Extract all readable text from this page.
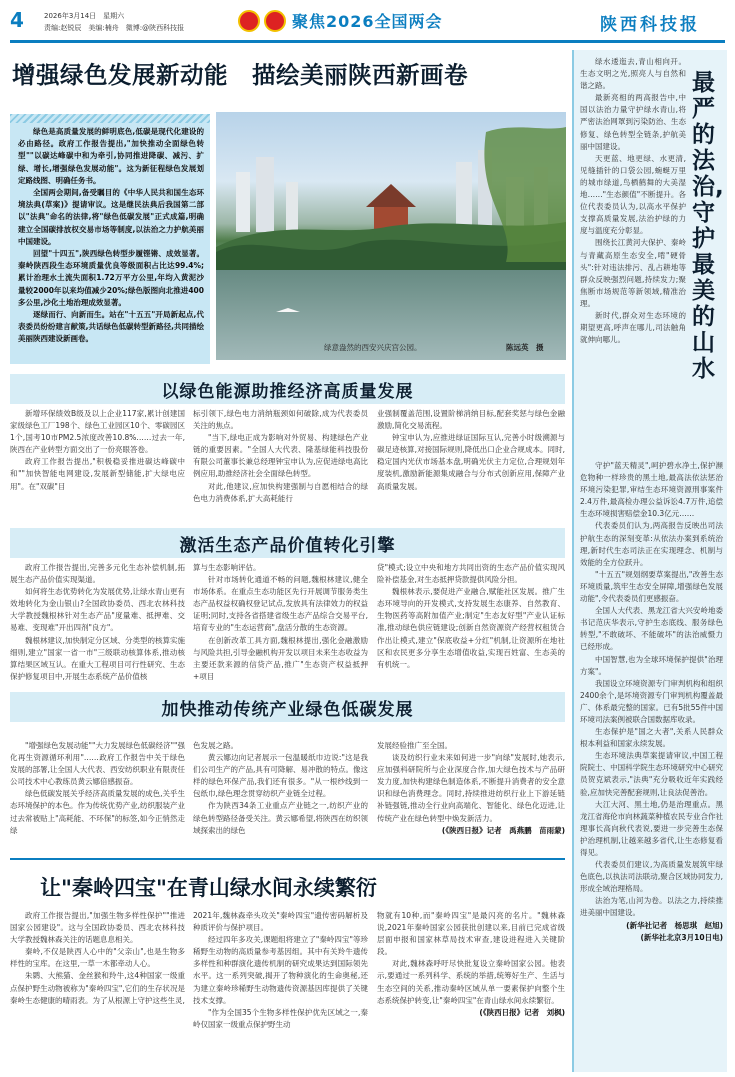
4	2026年3月14日　星期六
责编:赵锐辰　美编:楠舟　微博:@陕西科技报	聚焦2026全国两会	陕西科技报
增强绿色发展新动能　描绘美丽陕西新画卷

绿色是高质量发展的鲜明底色,低碳是现代化建设的必由路径。政府工作报告提出,"加快推动全面绿色转型""以碳达峰碳中和为牵引,协同推进降碳、减污、扩绿、增长,增强绿色发展动能"。这为新征程绿色发展划定路线图、明确任务书。

全国两会期间,备受瞩目的《中华人民共和国生态环境法典(草案)》提请审议。这是继民法典后我国第二部以"法典"命名的法律,将"绿色低碳发展"正式成篇,明确建立全国碳排放权交易市场等制度,以法治之力护航美丽中国建设。

回望"十四五",陕西绿色转型步履铿锵、成效显著。秦岭陕西段生态环境质量优良等级面积占比达99.4%;累计治理水土流失面积1.72万平方公里,年均入黄泥沙量较2000年以来均值减少20%;绿色版图向北推进400多公里,沙化土地治理成效显著。

逐绿而行、向新而生。站在"十五五"开局新起点,代表委员纷纷建言献策,共话绿色低碳转型新路径,共同描绘美丽陕西建设新画卷。

绿意盎然的西安兴庆宫公园。	陈远英　摄
以绿色能源助推经济高质量发展

新增环保绩效B级及以上企业117家,累计创建国家级绿色工厂198个、绿色工业园区10个、零碳园区1个,国考10市PM2.5浓度改善10.8%……过去一年,陕西在产业转型方面交出了一份亮眼答卷。

政府工作报告提出,"积极稳妥推进碳达峰碳中和""加快智能电网建设,发展新型储能,扩大绿电应用"。在"双碳"目

标引领下,绿色电力消纳瓶颈如何破除,成为代表委员关注的焦点。

"当下,绿电正成为影响对外贸易、构建绿色产业链的重要因素。"全国人大代表、隆基绿能科技股份有限公司董事长兼总经理钟宝申认为,应促进绿电高比例应用,助推经济社会全面绿色转型。

对此,他建议,应加快构建强制与自愿相结合的绿色电力消费体系,扩大高耗能行

业强制覆盖范围,设置阶梯消纳目标,配套奖惩与绿色金融激励,简化交易流程。

钟宝申认为,应推进绿证国际互认,完善小时级溯源与碳足迹核算,对接国际规则,降低出口企业合规成本。同时,稳定国内光伏市场基本盘,明确光伏主力定位,合理规划年度装机,激励新能源集成融合与分布式创新应用,保障产业高质量发展。

激活生态产品价值转化引擎

政府工作报告提出,完善多元化生态补偿机制,拓展生态产品价值实现渠道。

如何将生态优势转化为发展优势,让绿水青山更有效地转化为金山银山?全国政协委员、西北农林科技大学教授魏根林针对生态产品"度量难、抵押难、交易难、变现难"开出四剂"良方"。

魏根林建议,加快制定分区域、分类型的核算实施细则,建立"国家一省一市"三级联动核算体系,推动核算结果区域互认。在重大工程项目可行性研究、生态保护修复项目中,开展生态系统产品价值核

算与生态影响评估。

针对市场转化通道不畅的问题,魏根林建议,健全市场体系。在重点生态功能区先行开展调节服务类生态产品权益权确权登记试点,发放具有法律效力的权益证明;同时,支持各省搭建省级生态产品综合交易平台,培育专业的"生态运营商",盘活分散的生态资源。

在创新改革工具方面,魏根林提出,强化金融激励与风险共担,引导金融机构开发以项目未来生态收益为主要还款来源的信贷产品,推广"生态资产权益抵押+项目

贷"模式;设立中央和地方共同出资的生态产品价值实现风险补偿基金,对生态抵押贷款提供风险分担。

魏根林表示,要促进产业融合,赋能社区发展。推广生态环境导向的开发模式,支持发展生态康养、自然教育、生物医药等高附加值产业;制定"生态友好型"产业认证标准,推动绿色供应链建设;创新自然资源资产经营权租赁合作出让模式,建立"保底收益+分红"机制,让资源所在地社区和农民更多分享生态增值收益,实现百姓富、生态美的有机统一。

加快推动传统产业绿色低碳发展

"增强绿色发展动能""大力发展绿色低碳经济""强化再生资源循环利用"……政府工作报告中关于绿色发展的部署,让全国人大代表、西安纺织职业有限责任公司技术中心教练员黄云娜倍感振奋。

绿色低碳发展关乎经济高质量发展的成色,关乎生态环境保护的本色。作为传统优势产业,纺织服装产业过去常被贴上"高耗能、不环保"的标签,如今正悄然走绿

色发展之路。

黄云娜边向记者展示一包温暖纸巾边说:"这是我们公司生产的产品,具有可降解、易冲散的特点。像这样的绿色环保产品,我们还有很多。"从一根纱线到一包纸巾,绿色理念贯穿纺织产业链全过程。

作为陕西34条工业重点产业链之一,纺织产业的绿色转型路径备受关注。黄云娜希望,将陕西在纺织领域探索出的绿色

发展经验推广至全国。

谈及纺织行业未来如何进一步"向绿"发展时,她表示,应加强科研院所与企业深度合作,加大绿色技术与产品研发力度,加快构建绿色制造体系,不断提升消费者的安全意识和绿色消费理念。同时,持续推进纺织行业上下游延链补链强链,推动全行业向高端化、智能化、绿色化迈进,让传统产业在绿色转型中焕发新活力。

(《陕西日报》记者　禹燕鹏　苗雨蒙)

让"秦岭四宝"在青山绿水间永续繁衍

政府工作报告提出,"加强生物多样性保护""推进国家公园建设"。这与全国政协委员、西北农林科技大学教授魏林森关注的话题息息相关。

秦岭,不仅是陕西人心中的"父亲山",也是生物多样性的宝库。在这里,一草一木都牵动人心。

朱鹮、大熊猫、金丝猴和羚牛,这4种国家一级重点保护野生动物被称为"秦岭四宝",它们的生存状况是秦岭生态健康的晴雨表。为了从根源上守护这些生灵,

2021年,魏林森牵头攻关"秦岭四宝"遗传密码解析及种质评价与保护项目。

经过四年多攻关,课题组将建立了"秦岭四宝"等珍稀野生动物的高质量参考基因组。其中有关羚牛遗传多样性和种群演化遗传机制的研究成果达到国际领先水平。这一系列突破,揭开了物种演化的生命奥秘,还为建立秦岭珍稀野生动物遗传资源基因库提供了关键技术支撑。

"作为全国35个生物多样性保护优先区域之一,秦岭仅国家一级重点保护野生动

物就有10种,而"秦岭四宝"是最闪亮的名片。"魏林森说,2021年秦岭国家公园获批创建以来,目前已完成省级层面申报和国家林草局技术审查,建设进程进入关键阶段。

对此,魏林森呼吁尽快批复设立秦岭国家公园。他表示,要通过一系列科学、系统的举措,统筹好生产、生活与生态空间的关系,推动秦岭区域从单一要素保护向整个生态系统保护转变,让"秦岭四宝"在青山绿水间永续繁衍。

(《陕西日报》记者　刘枫)

最严的法治,守护最美的山水

绿水逶迤去,青山相向开。生态文明之光,照亮人与自然和谐之路。

最新亮相的两高报告中,中国以法治力量守护绿水青山,将严密法治网罩到污染防治、生态修复、绿色转型全链条,护航美丽中国建设。

天更蓝、地更绿、水更清,见缝插针的口袋公园,蜿蜒万里的城市绿道,鸟栖鹤舞的大美湿地……"生态颜值"不断提升。各位代表委员认为,以高水平保护支撑高质量发展,法治护绿的力度与温度充分彰显。

围绕长江黄河大保护、秦岭与青藏高原生态安全,啃"硬骨头":针对违法排污、乱占耕地等群众反映强烈问题,持续发力;聚焦断市场规范等新领域,精准治理。

新时代,群众对生态环境的期望更高,呼声在哪儿,司法触角就伸向哪儿。

守护"蓝天精灵",呵护碧水净土,保护濒危物种一样珍贵的黑土地,最高法依法惩治环境污染犯罪,审结生态环境资源刑事案件2.4万件,最高检办理公益诉讼4.7万件,追偿生态环境损害赔偿金10.3亿元……

代表委员们认为,两高报告反映出司法护航生态的深刻变革:从依法办案到系统治理,新时代生态司法正在实现理念、机制与效能的全方位跃升。

"十五五"规划纲要草案提出,"改善生态环境质量,筑牢生态安全屏障,增强绿色发展动能",令代表委员们更感振奋。

全国人大代表、黑龙江省大兴安岭地委书记范庆华表示,守护生态底线、服务绿色转型,"不敢破坏、不能破坏"的法治威慑力已经形成。

中国智慧,也为全球环境保护提供"治理方案"。

我国设立环境资源专门审判机构和组织2400余个,是坏境资源专门审判机构覆盖最广、体系最完整的国家。已有5批55件中国环境司法案例被联合国数据库收录。

生态保护是"国之大者",关系人民群众根本利益和国家永续发展。

生态环境法典草案提请审议,中国工程院院士、中国科学院生态环境研究中心研究员贺克斌表示,"法典"充分吸收近年实践经验,应加快完善配套规则,让良法促善治。

大江大河、黑土地,仍是治理重点。黑龙江省海伦市向林蔬菜种植农民专业合作社理事长高向秋代表说,要进一步完善生态保护治理机制,让越来越多省代,让生态修复看得见。

代表委员们建议,为高质量发展筑牢绿色底色,以执法司法联动,聚合区域协同发力,形成全域治理格局。

法治为笔,山河为卷。以法之力,持续推进美丽中国建设。

(新华社记者　杨思琪　赵旭)

(新华社北京3月10日电)
